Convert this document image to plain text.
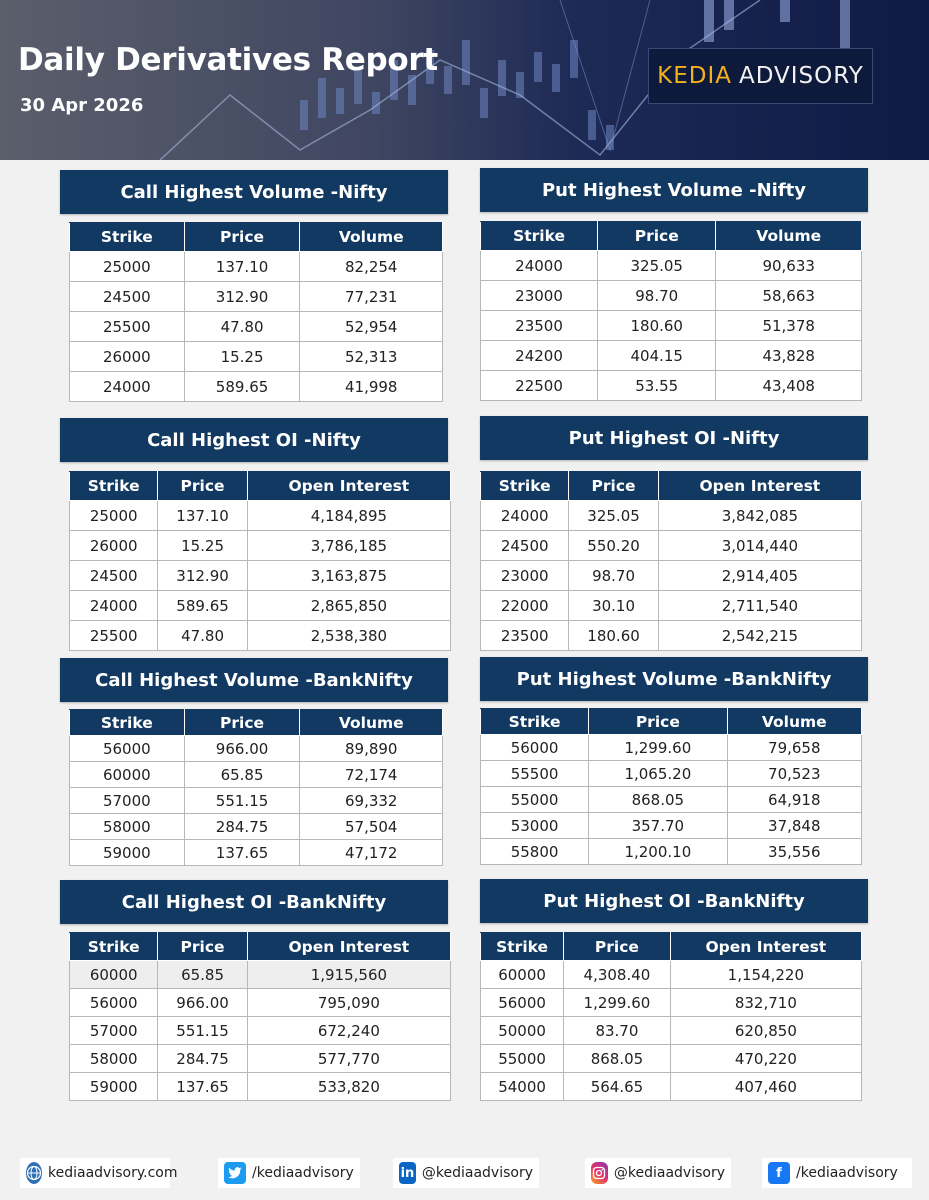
Daily Derivatives Report
30 Apr 2026
KEDIA ADVISORY
Call Highest Volume -Nifty
Strike	Price	Volume
25000	137.10	82,254
24500	312.90	77,231
25500	47.80	52,954
26000	15.25	52,313
24000	589.65	41,998
Put Highest Volume -Nifty
Strike	Price	Volume
24000	325.05	90,633
23000	98.70	58,663
23500	180.60	51,378
24200	404.15	43,828
22500	53.55	43,408
Call Highest OI -Nifty
Strike	Price	Open Interest
25000	137.10	4,184,895
26000	15.25	3,786,185
24500	312.90	3,163,875
24000	589.65	2,865,850
25500	47.80	2,538,380
Put Highest OI -Nifty
Strike	Price	Open Interest
24000	325.05	3,842,085
24500	550.20	3,014,440
23000	98.70	2,914,405
22000	30.10	2,711,540
23500	180.60	2,542,215
Call Highest Volume -BankNifty
Strike	Price	Volume
56000	966.00	89,890
60000	65.85	72,174
57000	551.15	69,332
58000	284.75	57,504
59000	137.65	47,172
Put Highest Volume -BankNifty
Strike	Price	Volume
56000	1,299.60	79,658
55500	1,065.20	70,523
55000	868.05	64,918
53000	357.70	37,848
55800	1,200.10	35,556
Call Highest OI -BankNifty
Strike	Price	Open Interest
60000	65.85	1,915,560
56000	966.00	795,090
57000	551.15	672,240
58000	284.75	577,770
59000	137.65	533,820
Put Highest OI -BankNifty
Strike	Price	Open Interest
60000	4,308.40	1,154,220
56000	1,299.60	832,710
50000	83.70	620,850
55000	868.05	470,220
54000	564.65	407,460
kediaadvisory.com	/kediaadvisory	in @kediaadvisory	@kediaadvisory	f	/kediaadvisory
